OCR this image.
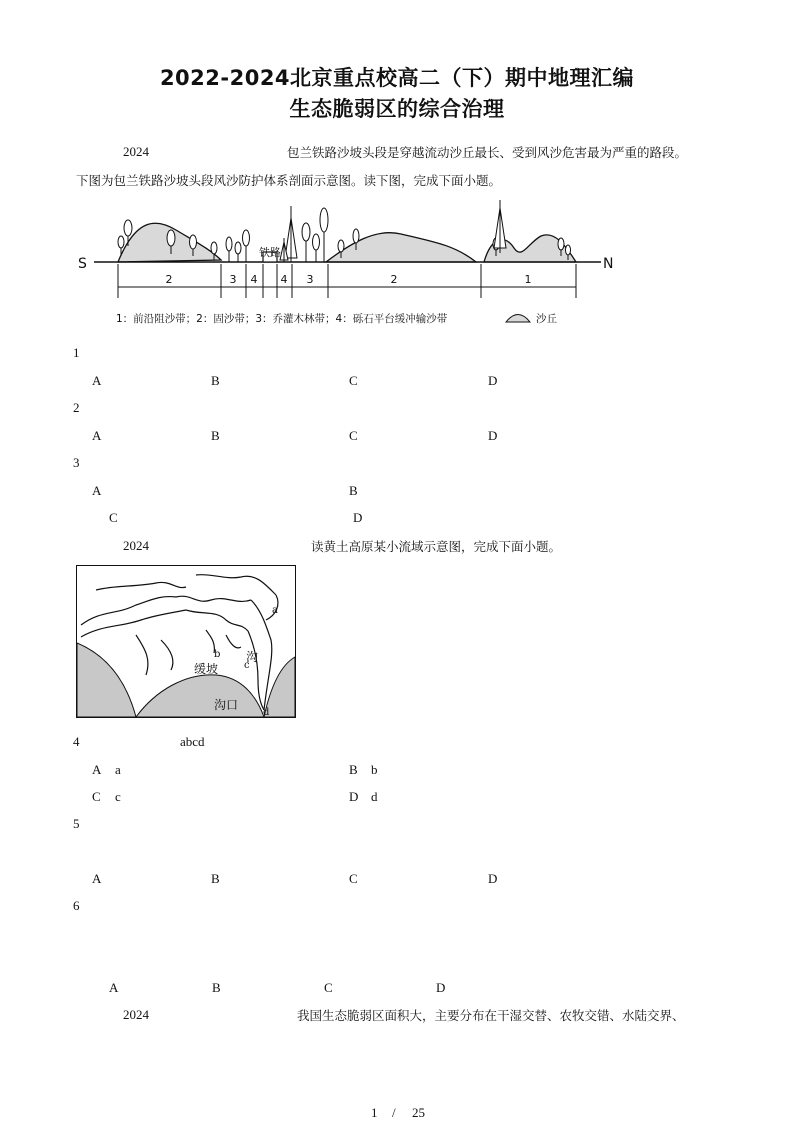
2022-2024北京重点校高二（下）期中地理汇编
生态脆弱区的综合治理
2024	包兰铁路沙坡头段是穿越流动沙丘最长、受到风沙危害最为严重的路段。
下图为包兰铁路沙坡头段风沙防护体系剖面示意图。读下图，完成下面小题。
铁路
S	N
2	3 4 4 3	2	1
1：前沿阻沙带；2：固沙带；3：乔灌木林带；4：砾石平台缓冲输沙带	沙丘
1
A	B	C	D
2
A	B	C	D
3
A	B
C	D
2024	读黄土高原某小流域示意图，完成下面小题。
a
b
c
d
缓坡
沟
沟口
4	abcd
A a	B b
C c	D d
5
A	B	C	D
6
A	B	C	D
2024	我国生态脆弱区面积大，主要分布在干湿交替、农牧交错、水陆交界、
1 / 25
